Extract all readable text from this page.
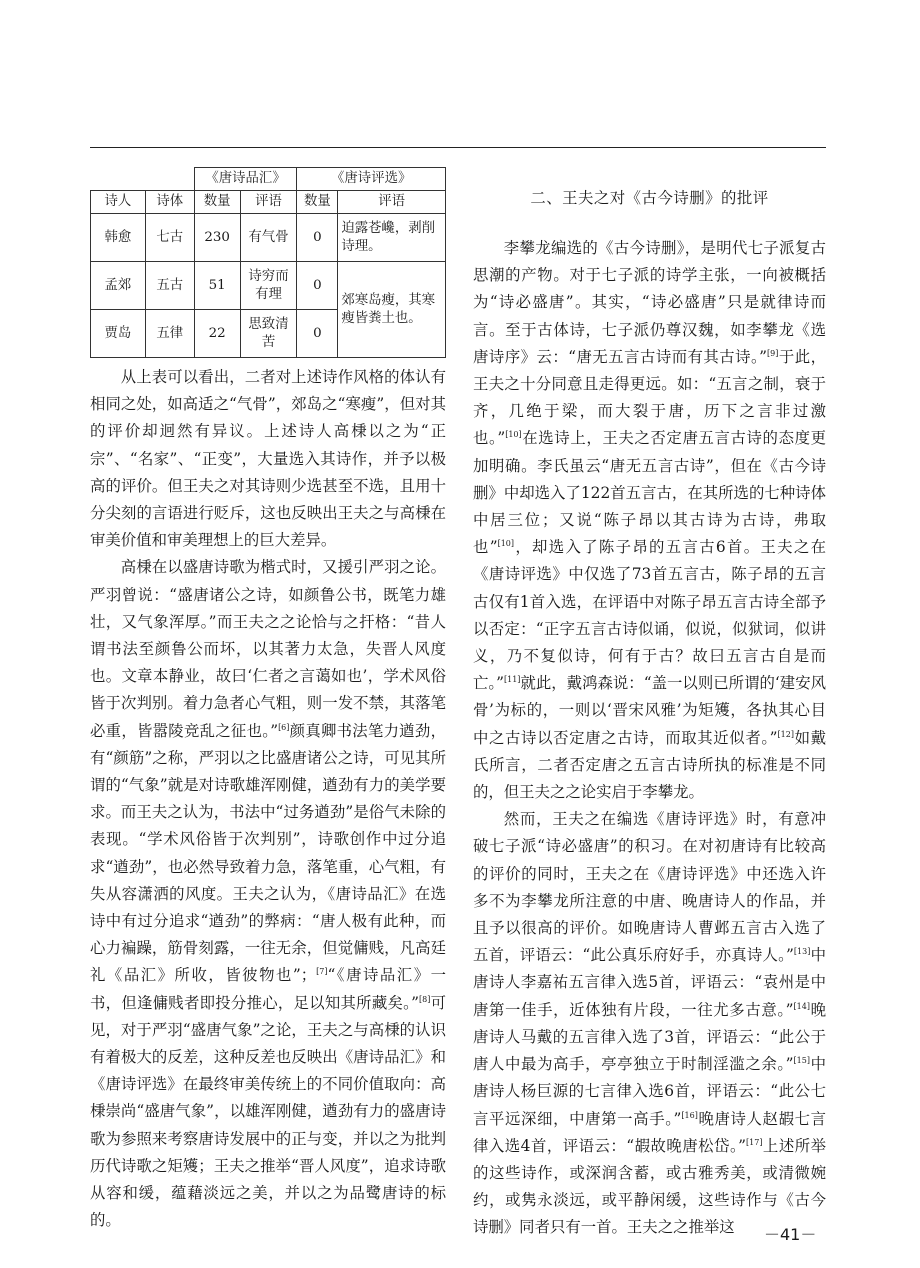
		《唐诗品汇》		《唐诗评选》	
诗人	诗体	数量	评语	数量	评语
韩愈	七古	230	有气骨	0	迫露苍巉，剥削诗理。
孟郊	五古	51	诗穷而有理	0	郊寒岛瘦，其寒瘦皆粪土也。
贾岛	五律	22	思致清苦	0	

从上表可以看出，二者对上述诗作风格的体认有相同之处，如高适之“气骨”，郊岛之“寒瘦”，但对其的评价却迥然有异议。上述诗人高棅以之为“正宗”、“名家”、“正变”，大量选入其诗作，并予以极高的评价。但王夫之对其诗则少选甚至不选，且用十分尖刻的言语进行贬斥，这也反映出王夫之与高棅在审美价值和审美理想上的巨大差异。

高棅在以盛唐诗歌为楷式时，又援引严羽之论。严羽曾说：“盛唐诸公之诗，如颜鲁公书，既笔力雄壮，又气象浑厚。”而王夫之之论恰与之扞格：“昔人谓书法至颜鲁公而坏，以其著力太急，失晋人风度也。文章本静业，故曰‘仁者之言蔼如也’，学术风俗皆于次判别。着力急者心气粗，则一发不禁，其落笔必重，皆嚣陵竞乱之征也。”[6]颜真卿书法笔力遒劲，有“颜筋”之称，严羽以之比盛唐诸公之诗，可见其所谓的“气象”就是对诗歌雄浑刚健，遒劲有力的美学要求。而王夫之认为，书法中“过务遒劲”是俗气未除的表现。“学术风俗皆于次判别”，诗歌创作中过分追求“遒劲”，也必然导致着力急，落笔重，心气粗，有失从容潇洒的风度。王夫之认为，《唐诗品汇》在选诗中有过分追求“遒劲”的弊病：“唐人极有此种，而心力褊躁，筋骨刻露，一往无余，但觉傭贱，凡高廷礼《品汇》所收，皆彼物也”；[7]“《唐诗品汇》一书，但逢傭贱者即投分推心，足以知其所藏矣。”[8]可见，对于严羽“盛唐气象”之论，王夫之与高棅的认识有着极大的反差，这种反差也反映出《唐诗品汇》和《唐诗评选》在最终审美传统上的不同价值取向：高棅崇尚“盛唐气象”，以雄浑刚健，遒劲有力的盛唐诗歌为参照来考察唐诗发展中的正与变，并以之为批判历代诗歌之矩矱；王夫之推举“晋人风度”，追求诗歌从容和缓，蕴藉淡远之美，并以之为品鹭唐诗的标的。

二、王夫之对《古今诗删》的批评

李攀龙编选的《古今诗删》，是明代七子派复古思潮的产物。对于七子派的诗学主张，一向被概括为“诗必盛唐”。其实，“诗必盛唐”只是就律诗而言。至于古体诗，七子派仍尊汉魏，如李攀龙《选唐诗序》云：“唐无五言古诗而有其古诗。”[9]于此，王夫之十分同意且走得更远。如：“五言之制，衰于齐，几绝于梁，而大裂于唐，历下之言非过激也。”[10]在选诗上，王夫之否定唐五言古诗的态度更加明确。李氏虽云“唐无五言古诗”，但在《古今诗删》中却选入了122首五言古，在其所选的七种诗体中居三位；又说“陈子昂以其古诗为古诗，弗取也”[10]，却选入了陈子昂的五言古6首。王夫之在《唐诗评选》中仅选了73首五言古，陈子昂的五言古仅有1首入选，在评语中对陈子昂五言古诗全部予以否定：“正字五言古诗似诵，似说，似狱词，似讲义，乃不复似诗，何有于古？故曰五言古自是而亡。”[11]就此，戴鸿森说：“盖一以则已所谓的‘建安风骨’为标的，一则以‘晋宋风雅’为矩矱，各执其心目中之古诗以否定唐之古诗，而取其近似者。”[12]如戴氏所言，二者否定唐之五言古诗所执的标准是不同的，但王夫之之论实启于李攀龙。

然而，王夫之在编选《唐诗评选》时，有意冲破七子派“诗必盛唐”的积习。在对初唐诗有比较高的评价的同时，王夫之在《唐诗评选》中还选入许多不为李攀龙所注意的中唐、晚唐诗人的作品，并且予以很高的评价。如晚唐诗人曹邺五言古入选了五首，评语云：“此公真乐府好手，亦真诗人。”[13]中唐诗人李嘉祐五言律入选5首，评语云：“袁州是中唐第一佳手，近体独有片段，一往尤多古意。”[14]晚唐诗人马戴的五言律入选了3首，评语云：“此公于唐人中最为高手，亭亭独立于时制淫滥之余。”[15]中唐诗人杨巨源的七言律入选6首，评语云：“此公七言平远深细，中唐第一高手。”[16]晚唐诗人赵嘏七言律入选4首，评语云：“嘏故晚唐松岱。”[17]上述所举的这些诗作，或深润含蓄，或古雅秀美，或清微婉约，或隽永淡远，或平静闲缓，这些诗作与《古今诗删》同者只有一首。王夫之之推举这	－41－
